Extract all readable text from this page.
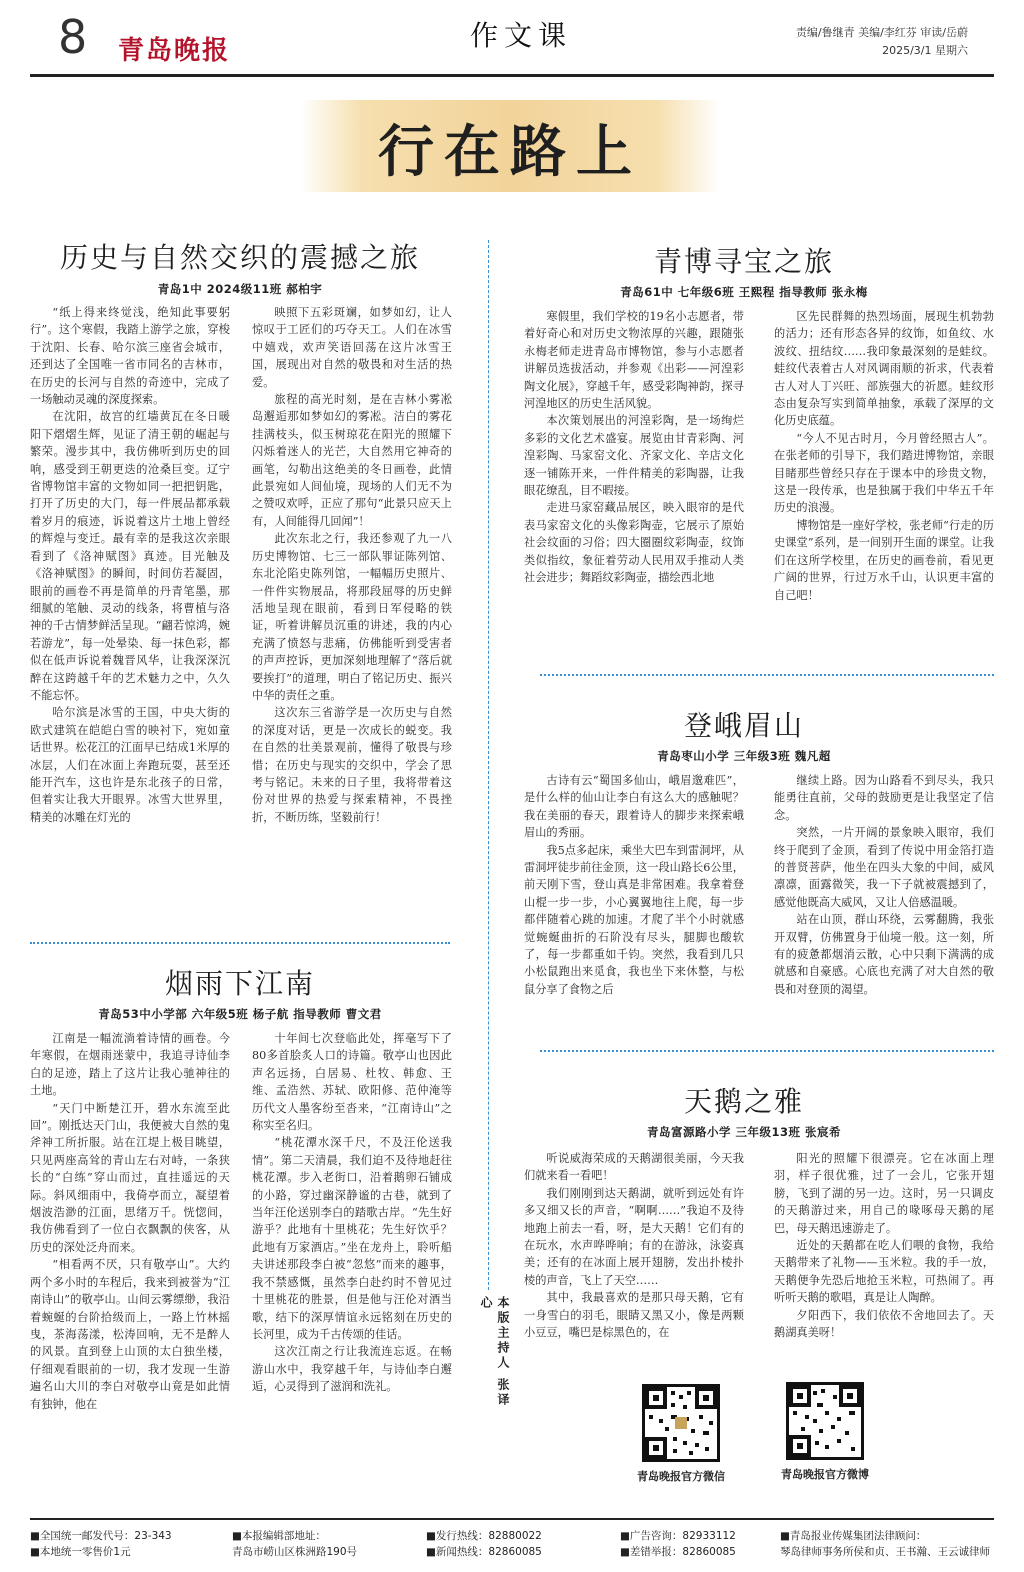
8 青岛晚报	作文课	责编/鲁继青 美编/李红芬 审读/岳蔚
2025/3/1 星期六
行在路上
历史与自然交织的震撼之旅
青岛1中 2024级11班 郝柏宇

“纸上得来终觉浅，绝知此事要躬行”。这个寒假，我踏上游学之旅，穿梭于沈阳、长春、哈尔滨三座省会城市，还到达了全国唯一省市同名的吉林市，在历史的长河与自然的奇迹中，完成了一场触动灵魂的深度探索。

在沈阳，故宫的红墙黄瓦在冬日暖阳下熠熠生辉，见证了清王朝的崛起与繁荣。漫步其中，我仿佛听到历史的回响，感受到王朝更迭的沧桑巨变。辽宁省博物馆丰富的文物如同一把把钥匙，打开了历史的大门，每一件展品都承载着岁月的痕迹，诉说着这片土地上曾经的辉煌与变迁。最有幸的是我这次亲眼看到了《洛神赋图》真迹。目光触及《洛神赋图》的瞬间，时间仿若凝固，眼前的画卷不再是简单的丹青笔墨，那细腻的笔触、灵动的线条，将曹植与洛神的千古情梦鲜活呈现。“翩若惊鸿，婉若游龙”，每一处晕染、每一抹色彩，都似在低声诉说着魏晋风华，让我深深沉醉在这跨越千年的艺术魅力之中，久久不能忘怀。

哈尔滨是冰雪的王国，中央大街的欧式建筑在皑皑白雪的映衬下，宛如童话世界。松花江的江面早已结成1米厚的冰层，人们在冰面上奔跑玩耍，甚至还能开汽车，这也许是东北孩子的日常，但着实让我大开眼界。冰雪大世界里，精美的冰雕在灯光的

映照下五彩斑斓，如梦如幻，让人惊叹于工匠们的巧夺天工。人们在冰雪中嬉戏，欢声笑语回荡在这片冰雪王国，展现出对自然的敬畏和对生活的热爱。

旅程的高光时刻，是在吉林小雾凇岛邂逅那如梦如幻的雾凇。洁白的雾花挂满枝头，似玉树琼花在阳光的照耀下闪烁着迷人的光芒，大自然用它神奇的画笔，勾勒出这绝美的冬日画卷，此情此景宛如人间仙境，现场的人们无不为之赞叹欢呼，正应了那句“此景只应天上有，人间能得几回闻”！

此次东北之行，我还参观了九一八历史博物馆、七三一部队罪证陈列馆、东北沦陷史陈列馆，一幅幅历史照片、一件件实物展品，将那段屈辱的历史鲜活地呈现在眼前，看到日军侵略的铁证，听着讲解员沉重的讲述，我的内心充满了愤怒与悲痛，仿佛能听到受害者的声声控诉，更加深刻地理解了“落后就要挨打”的道理，明白了铭记历史、振兴中华的责任之重。

这次东三省游学是一次历史与自然的深度对话，更是一次成长的蜕变。我在自然的壮美景观前，懂得了敬畏与珍惜；在历史与现实的交织中，学会了思考与铭记。未来的日子里，我将带着这份对世界的热爱与探索精神，不畏挫折，不断历练，坚毅前行！

烟雨下江南
青岛53中小学部 六年级5班 杨子航 指导教师 曹文君

江南是一幅流淌着诗情的画卷。今年寒假，在烟雨迷蒙中，我追寻诗仙李白的足迹，踏上了这片让我心驰神往的土地。

“天门中断楚江开，碧水东流至此回”。刚抵达天门山，我便被大自然的鬼斧神工所折服。站在江堤上极目眺望，只见两座高耸的青山左右对峙，一条狭长的“白练”穿山而过，直挂遥远的天际。斜风细雨中，我倚亭而立，凝望着烟波浩渺的江面，思绪万千。恍惚间，我仿佛看到了一位白衣飘飘的侠客，从历史的深处泛舟而来。

“相看两不厌，只有敬亭山”。大约两个多小时的车程后，我来到被誉为“江南诗山”的敬亭山。山间云雾缥缈，我沿着蜿蜒的台阶拾级而上，一路上竹林摇曳，茶海荡漾，松涛回响，无不是醉人的风景。直到登上山顶的太白独坐楼，仔细观看眼前的一切，我才发现一生游遍名山大川的李白对敬亭山竟是如此情有独钟，他在

十年间七次登临此处，挥毫写下了80多首脍炙人口的诗篇。敬亭山也因此声名远扬，白居易、杜牧、韩愈、王维、孟浩然、苏轼、欧阳修、范仲淹等历代文人墨客纷至沓来，“江南诗山”之称实至名归。

“桃花潭水深千尺，不及汪伦送我情”。第二天清晨，我们迫不及待地赶往桃花潭。步入老街口，沿着鹅卵石铺成的小路，穿过幽深静谧的古巷，就到了当年汪伦送别李白的踏歌古岸。“先生好游乎？此地有十里桃花；先生好饮乎？此地有万家酒店。”坐在龙舟上，聆听船夫讲述那段李白被“忽悠”而来的趣事，我不禁感慨，虽然李白赴约时不曾见过十里桃花的胜景，但是他与汪伦对酒当歌，结下的深厚情谊永远铭刻在历史的长河里，成为千古传颂的佳话。

这次江南之行让我流连忘返。在畅游山水中，我穿越千年，与诗仙李白邂逅，心灵得到了滋润和洗礼。	本版主持人 张译心
青博寻宝之旅
青岛61中 七年级6班 王熙程 指导教师 张永梅

寒假里，我们学校的19名小志愿者，带着好奇心和对历史文物浓厚的兴趣，跟随张永梅老师走进青岛市博物馆，参与小志愿者讲解员选拔活动，并参观《出彩——河湟彩陶文化展》，穿越千年，感受彩陶神韵，探寻河湟地区的历史生活风貌。

本次策划展出的河湟彩陶，是一场绚烂多彩的文化艺术盛宴。展览由甘青彩陶、河湟彩陶、马家窑文化、齐家文化、辛店文化逐一铺陈开来，一件件精美的彩陶器，让我眼花缭乱，目不暇接。

走进马家窑藏品展区，映入眼帘的是代表马家窑文化的头像彩陶壶，它展示了原始社会纹面的习俗；四大圈圈纹彩陶壶，纹饰类似指纹，象征着劳动人民用双手推动人类社会进步；舞蹈纹彩陶壶，描绘西北地

区先民群舞的热烈场面，展现生机勃勃的活力；还有形态各异的纹饰，如鱼纹、水波纹、扭结纹……我印象最深刻的是蛙纹。蛙纹代表着古人对风调雨顺的祈求，代表着古人对人丁兴旺、部族强大的祈愿。蛙纹形态由复杂写实到简单抽象，承载了深厚的文化历史底蕴。

“今人不见古时月，今月曾经照古人”。在张老师的引导下，我们踏进博物馆，亲眼目睹那些曾经只存在于课本中的珍贵文物，这是一段传承，也是独属于我们中华五千年历史的浪漫。

博物馆是一座好学校，张老师“行走的历史课堂”系列，是一间别开生面的课堂。让我们在这所学校里，在历史的画卷前，看见更广阔的世界，行过万水千山，认识更丰富的自己吧！

登峨眉山
青岛枣山小学 三年级3班 魏凡超

古诗有云“蜀国多仙山，峨眉邈难匹”，是什么样的仙山让李白有这么大的感触呢？我在美丽的春天，跟着诗人的脚步来探索峨眉山的秀丽。

我5点多起床，乘坐大巴车到雷洞坪，从雷洞坪徒步前往金顶，这一段山路长6公里，前天刚下雪，登山真是非常困难。我拿着登山棍一步一步，小心翼翼地往上爬，每一步都伴随着心跳的加速。才爬了半个小时就感觉蜿蜒曲折的石阶没有尽头，腿脚也酸软了，每一步都重如千钧。突然，我看到几只小松鼠跑出来觅食，我也坐下来休整，与松鼠分享了食物之后

继续上路。因为山路看不到尽头，我只能勇往直前，父母的鼓励更是让我坚定了信念。

突然，一片开阔的景象映入眼帘，我们终于爬到了金顶，看到了传说中用金箔打造的普贤菩萨，他坐在四头大象的中间，威风凛凛，面露微笑，我一下子就被震撼到了，感觉他既高大威风，又让人倍感温暖。

站在山顶，群山环绕，云雾翻腾，我张开双臂，仿佛置身于仙境一般。这一刻，所有的疲惫都烟消云散，心中只剩下满满的成就感和自豪感。心底也充满了对大自然的敬畏和对登顶的渴望。

天鹅之雅
青岛富源路小学 三年级13班 张宸希

听说威海荣成的天鹅湖很美丽，今天我们就来看一看吧！

我们刚刚到达天鹅湖，就听到远处有许多又细又长的声音，“啊啊……”我迫不及待地跑上前去一看，呀，是大天鹅！它们有的在玩水，水声哗哗响；有的在游泳，泳姿真美；还有的在冰面上展开翅膀，发出扑棱扑棱的声音，飞上了天空……

其中，我最喜欢的是那只母天鹅，它有一身雪白的羽毛，眼睛又黑又小，像是两颗小豆豆，嘴巴是棕黑色的，在

阳光的照耀下很漂亮。它在冰面上理羽，样子很优雅，过了一会儿，它张开翅膀，飞到了湖的另一边。这时，另一只调皮的天鹅游过来，用自己的喙啄母天鹅的尾巴，母天鹅迅速游走了。

近处的天鹅都在吃人们喂的食物，我给天鹅带来了礼物——玉米粒。我的手一放，天鹅便争先恐后地抢玉米粒，可热闹了。再听听天鹅的歌唱，真是让人陶醉。

夕阳西下，我们依依不舍地回去了。天鹅湖真美呀！

青岛晚报官方微信	青岛晚报官方微博
■全国统一邮发代号：23-343
■本地统一零售价1元
■本报编辑部地址：
青岛市崂山区株洲路190号
■发行热线：82880022
■新闻热线：82860085
■广告咨询：82933112
■差错举报：82860085
■青岛报业传媒集团法律顾问：
琴岛律师事务所侯和贞、王书瀚、王云诚律师
